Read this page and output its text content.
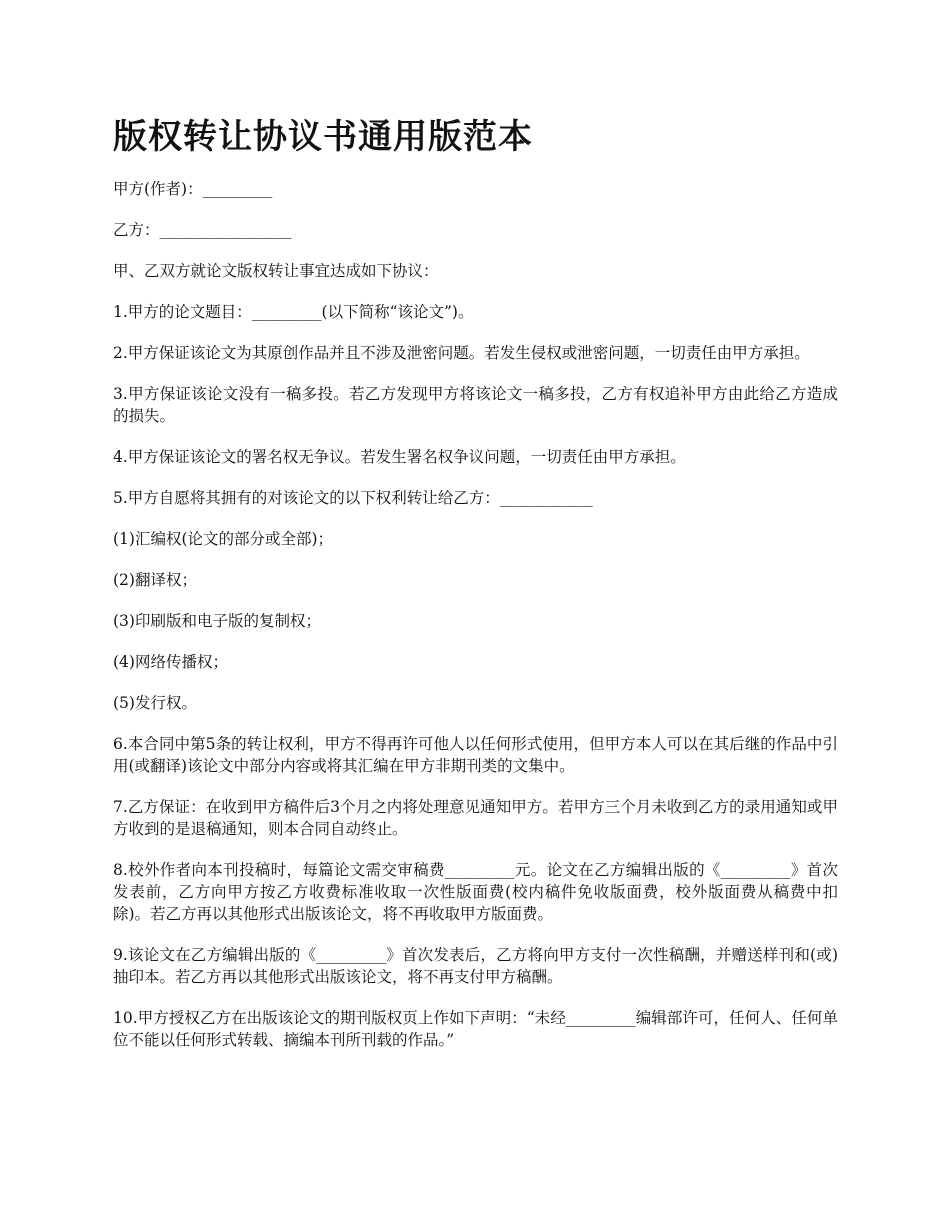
版权转让协议书通用版范本

甲方(作者)：_________

乙方：_________________

甲、乙双方就论文版权转让事宜达成如下协议：

1.甲方的论文题目：_________(以下简称“该论文”)。

2.甲方保证该论文为其原创作品并且不涉及泄密问题。若发生侵权或泄密问题，一切责任由甲方承担。

3.甲方保证该论文没有一稿多投。若乙方发现甲方将该论文一稿多投，乙方有权追补甲方由此给乙方造成的损失。

4.甲方保证该论文的署名权无争议。若发生署名权争议问题，一切责任由甲方承担。

5.甲方自愿将其拥有的对该论文的以下权利转让给乙方：____________

(1)汇编权(论文的部分或全部)；

(2)翻译权；

(3)印刷版和电子版的复制权；

(4)网络传播权；

(5)发行权。

6.本合同中第5条的转让权利，甲方不得再许可他人以任何形式使用，但甲方本人可以在其后继的作品中引用(或翻译)该论文中部分内容或将其汇编在甲方非期刊类的文集中。

7.乙方保证：在收到甲方稿件后3个月之内将处理意见通知甲方。若甲方三个月未收到乙方的录用通知或甲方收到的是退稿通知，则本合同自动终止。

8.校外作者向本刊投稿时，每篇论文需交审稿费_________元。论文在乙方编辑出版的《_________》首次发表前，乙方向甲方按乙方收费标准收取一次性版面费(校内稿件免收版面费，校外版面费从稿费中扣除)。若乙方再以其他形式出版该论文，将不再收取甲方版面费。

9.该论文在乙方编辑出版的《_________》首次发表后，乙方将向甲方支付一次性稿酬，并赠送样刊和(或)抽印本。若乙方再以其他形式出版该论文，将不再支付甲方稿酬。

10.甲方授权乙方在出版该论文的期刊版权页上作如下声明：“未经_________编辑部许可，任何人、任何单位不能以任何形式转载、摘编本刊所刊载的作品。”
